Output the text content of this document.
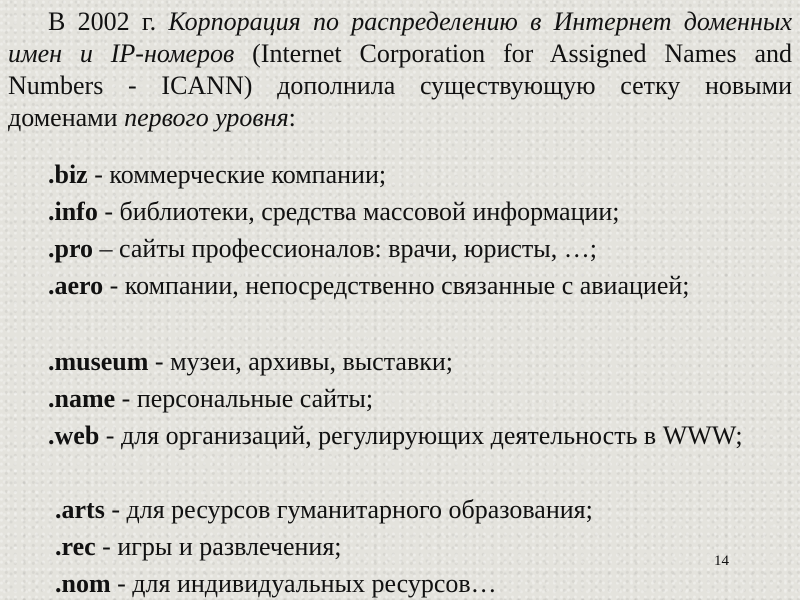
В 2002 г. Корпорация по распределению в Интернет доменных имен и IP-номеров (Internet Corporation for Assigned Names and Numbers - ICANN) дополнила существующую сетку новыми доменами первого уровня:

.biz - коммерческие компании;

.info - библиотеки, средства массовой информации;

.pro – сайты профессионалов: врачи, юристы, …;

.aero - компании, непосредственно связанные с авиацией;

.museum - музеи, архивы, выставки;

.name - персональные сайты;

.web - для организаций, регулирующих деятельность в WWW;

.arts - для ресурсов гуманитарного образования;

.rec - игры и развлечения;

.nom - для индивидуальных ресурсов…

14
